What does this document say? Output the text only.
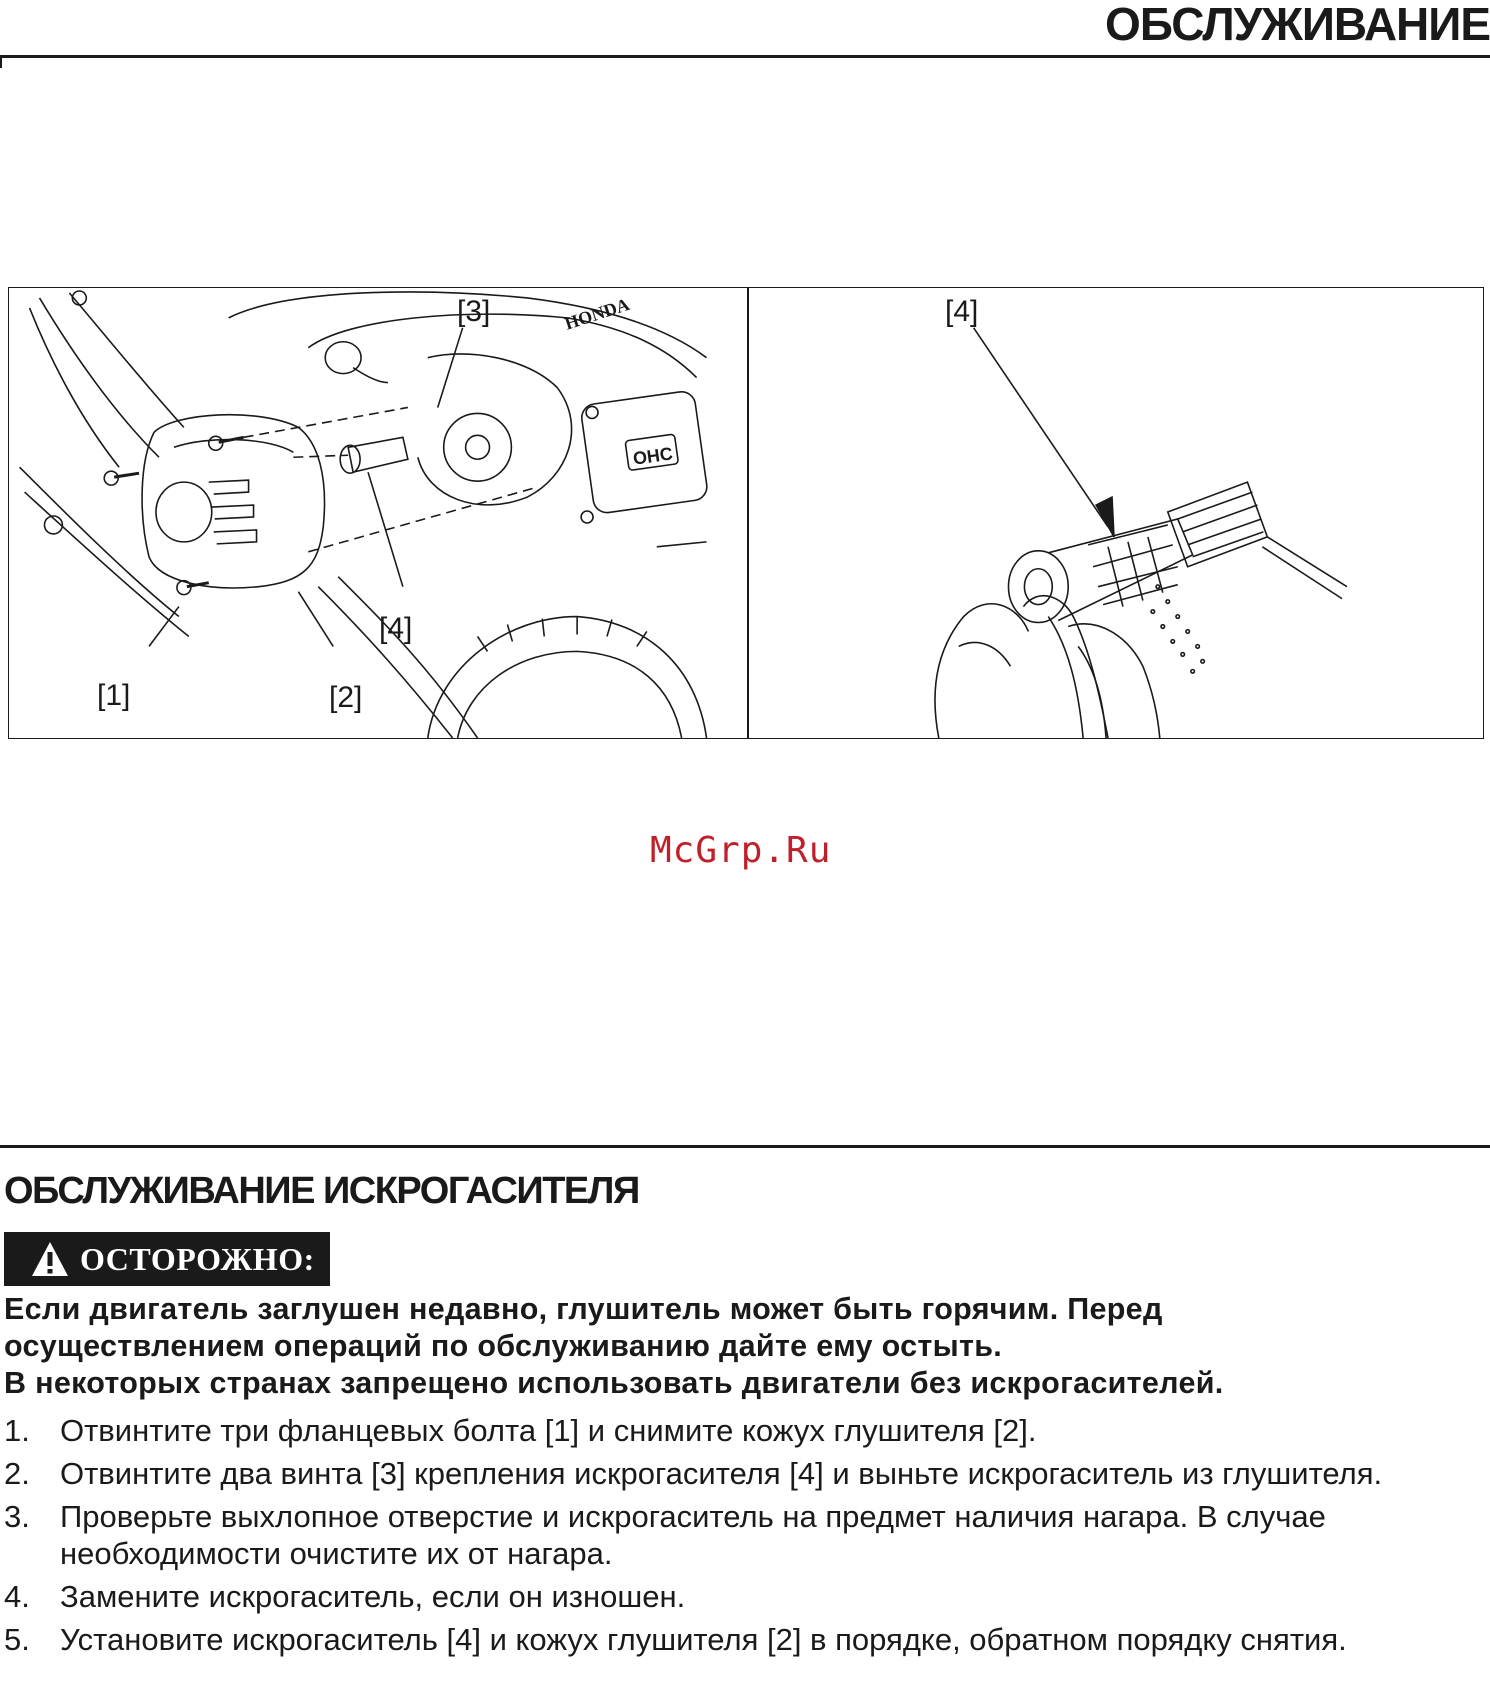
ОБСЛУЖИВАНИЕ
HONDA
OHC
[3]
[4]
[1]	[2]
[4]
McGrp.Ru
ОБСЛУЖИВАНИЕ ИСКРОГАСИТЕЛЯ
ОСТОРОЖНО:
Если двигатель заглушен недавно, глушитель может быть горячим. Перед
осуществлением операций по обслуживанию дайте ему остыть.
В некоторых странах запрещено использовать двигатели без искрогасителей.
1. Отвинтите три фланцевых болта [1] и снимите кожух глушителя [2].
2. Отвинтите два винта [3] крепления искрогасителя [4] и выньте искрогаситель из глушителя.
3. Проверьте выхлопное отверстие и искрогаситель на предмет наличия нагара. В случае необходимости очистите их от нагара.
4. Замените искрогаситель, если он изношен.
5. Установите искрогаситель [4] и кожух глушителя [2] в порядке, обратном порядку снятия.
